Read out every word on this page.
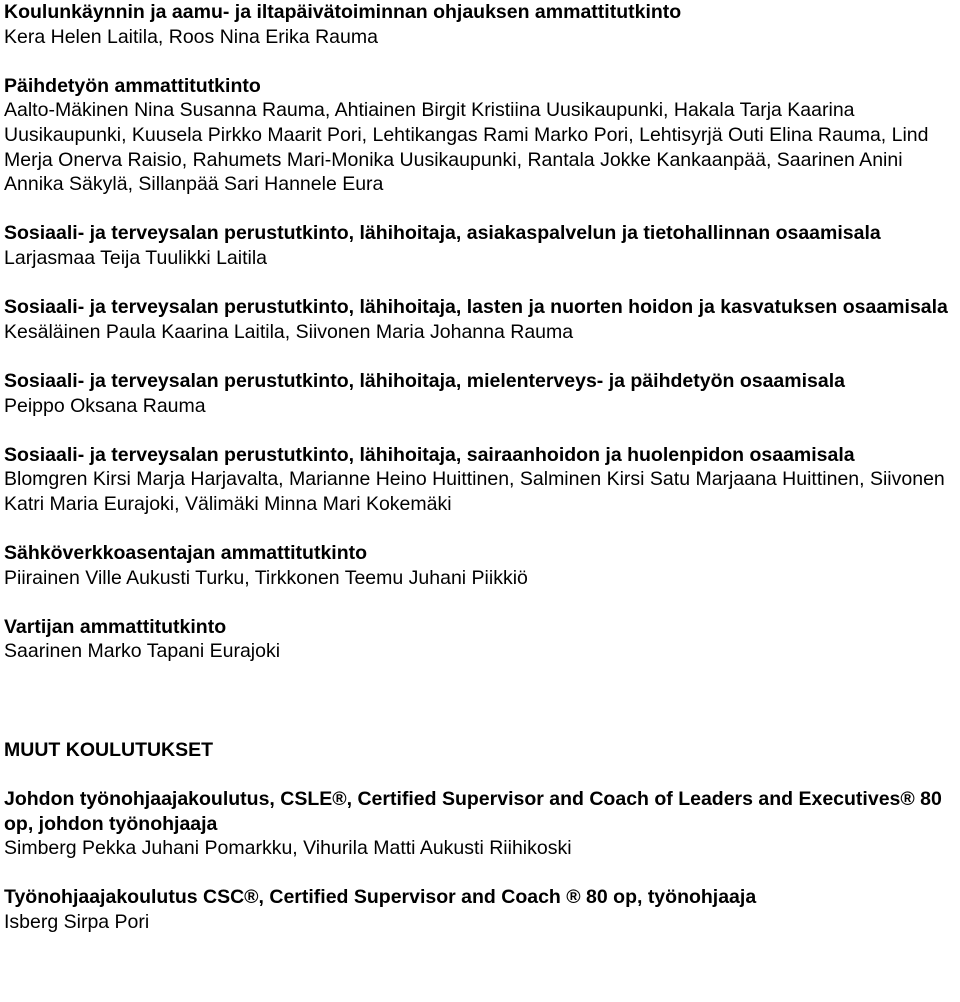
Koulunkäynnin ja aamu- ja iltapäivätoiminnan ohjauksen ammattitutkinto

Kera Helen Laitila, Roos Nina Erika Rauma

Päihdetyön ammattitutkinto

Aalto-Mäkinen Nina Susanna Rauma, Ahtiainen Birgit Kristiina Uusikaupunki, Hakala Tarja Kaarina Uusikaupunki, Kuusela Pirkko Maarit Pori, Lehtikangas Rami Marko Pori, Lehtisyrjä Outi Elina Rauma, Lind Merja Onerva Raisio, Rahumets Mari-Monika Uusikaupunki, Rantala Jokke Kankaanpää, Saarinen Anini Annika Säkylä, Sillanpää Sari Hannele Eura

Sosiaali- ja terveysalan perustutkinto, lähihoitaja, asiakaspalvelun ja tietohallinnan osaamisala

Larjasmaa Teija Tuulikki Laitila

Sosiaali- ja terveysalan perustutkinto, lähihoitaja, lasten ja nuorten hoidon ja kasvatuksen osaamisala

Kesäläinen Paula Kaarina Laitila, Siivonen Maria Johanna Rauma

Sosiaali- ja terveysalan perustutkinto, lähihoitaja, mielenterveys- ja päihdetyön osaamisala

Peippo Oksana Rauma

Sosiaali- ja terveysalan perustutkinto, lähihoitaja, sairaanhoidon ja huolenpidon osaamisala

Blomgren Kirsi Marja Harjavalta, Marianne Heino Huittinen, Salminen Kirsi Satu Marjaana Huittinen, Siivonen Katri Maria Eurajoki, Välimäki Minna Mari Kokemäki

Sähköverkkoasentajan ammattitutkinto

Piirainen Ville Aukusti Turku, Tirkkonen Teemu Juhani Piikkiö

Vartijan ammattitutkinto

Saarinen Marko Tapani Eurajoki

MUUT KOULUTUKSET

Johdon työnohjaajakoulutus, CSLE®, Certified Supervisor and Coach of Leaders and Executives® 80 op, johdon työnohjaaja

Simberg Pekka Juhani Pomarkku, Vihurila Matti Aukusti Riihikoski

Työnohjaajakoulutus CSC®, Certified Supervisor and Coach ® 80 op, työnohjaaja

Isberg Sirpa Pori
